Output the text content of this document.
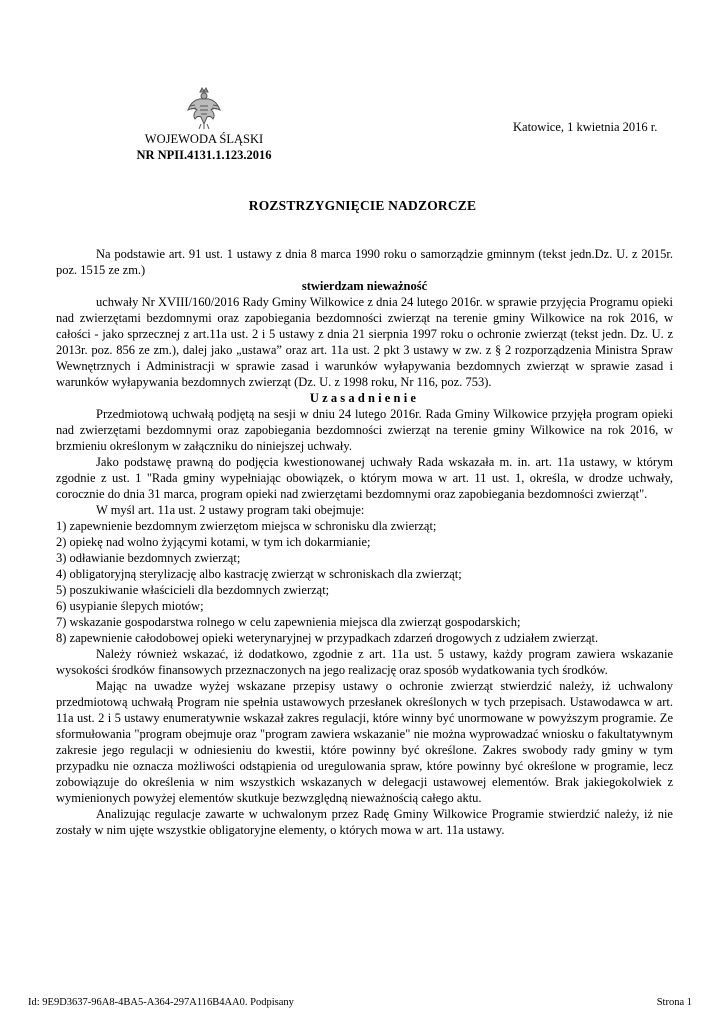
WOJEWODA ŚLĄSKI
NR NPII.4131.1.123.2016
Katowice, 1 kwietnia 2016 r.
ROZSTRZYGNIĘCIE NADZORCZE

Na podstawie art. 91 ust. 1 ustawy z dnia 8 marca 1990 roku o samorządzie gminnym (tekst jedn.Dz. U. z 2015r. poz. 1515 ze zm.)

stwierdzam nieważność

uchwały Nr XVIII/160/2016 Rady Gminy Wilkowice z dnia 24 lutego 2016r. w sprawie przyjęcia Programu opieki nad zwierzętami bezdomnymi oraz zapobiegania bezdomności zwierząt na terenie gminy Wilkowice na rok 2016, w całości - jako sprzecznej z art.11a ust. 2 i 5 ustawy z dnia 21 sierpnia 1997 roku o ochronie zwierząt (tekst jedn. Dz. U. z 2013r. poz. 856 ze zm.), dalej jako „ustawa” oraz art. 11a ust. 2 pkt 3 ustawy w zw. z § 2 rozporządzenia Ministra Spraw Wewnętrznych i Administracji w sprawie zasad i warunków wyłapywania bezdomnych zwierząt w sprawie zasad i warunków wyłapywania bezdomnych zwierząt (Dz. U. z 1998 roku, Nr 116, poz. 753).

Uzasadnienie

Przedmiotową uchwałą podjętą na sesji w dniu 24 lutego 2016r. Rada Gminy Wilkowice przyjęła program opieki nad zwierzętami bezdomnymi oraz zapobiegania bezdomności zwierząt na terenie gminy Wilkowice na rok 2016, w brzmieniu określonym w załączniku do niniejszej uchwały.

Jako podstawę prawną do podjęcia kwestionowanej uchwały Rada wskazała m. in. art. 11a ustawy, w którym zgodnie z ust. 1 "Rada gminy wypełniając obowiązek, o którym mowa w art. 11 ust. 1, określa, w drodze uchwały, corocznie do dnia 31 marca, program opieki nad zwierzętami bezdomnymi oraz zapobiegania bezdomności zwierząt".

W myśl art. 11a ust. 2 ustawy program taki obejmuje:

1) zapewnienie bezdomnym zwierzętom miejsca w schronisku dla zwierząt;
2) opiekę nad wolno żyjącymi kotami, w tym ich dokarmianie;
3) odławianie bezdomnych zwierząt;
4) obligatoryjną sterylizację albo kastrację zwierząt w schroniskach dla zwierząt;
5) poszukiwanie właścicieli dla bezdomnych zwierząt;
6) usypianie ślepych miotów;
7) wskazanie gospodarstwa rolnego w celu zapewnienia miejsca dla zwierząt gospodarskich;
8) zapewnienie całodobowej opieki weterynaryjnej w przypadkach zdarzeń drogowych z udziałem zwierząt.

Należy również wskazać, iż dodatkowo, zgodnie z art. 11a ust. 5 ustawy, każdy program zawiera wskazanie wysokości środków finansowych przeznaczonych na jego realizację oraz sposób wydatkowania tych środków.

Mając na uwadze wyżej wskazane przepisy ustawy o ochronie zwierząt stwierdzić należy, iż uchwalony przedmiotową uchwałą Program nie spełnia ustawowych przesłanek określonych w tych przepisach. Ustawodawca w art. 11a ust. 2 i 5 ustawy enumeratywnie wskazał zakres regulacji, które winny być unormowane w powyższym programie. Ze sformułowania "program obejmuje oraz "program zawiera wskazanie" nie można wyprowadzać wniosku o fakultatywnym zakresie jego regulacji w odniesieniu do kwestii, które powinny być określone. Zakres swobody rady gminy w tym przypadku nie oznacza możliwości odstąpienia od uregulowania spraw, które powinny być określone w programie, lecz zobowiązuje do określenia w nim wszystkich wskazanych w delegacji ustawowej elementów. Brak jakiegokolwiek z wymienionych powyżej elementów skutkuje bezwzględną nieważnością całego aktu.

Analizując regulacje zawarte w uchwalonym przez Radę Gminy Wilkowice Programie stwierdzić należy, iż nie zostały w nim ujęte wszystkie obligatoryjne elementy, o których mowa w art. 11a ustawy.

Id: 9E9D3637-96A8-4BA5-A364-297A116B4AA0. Podpisany	Strona 1
